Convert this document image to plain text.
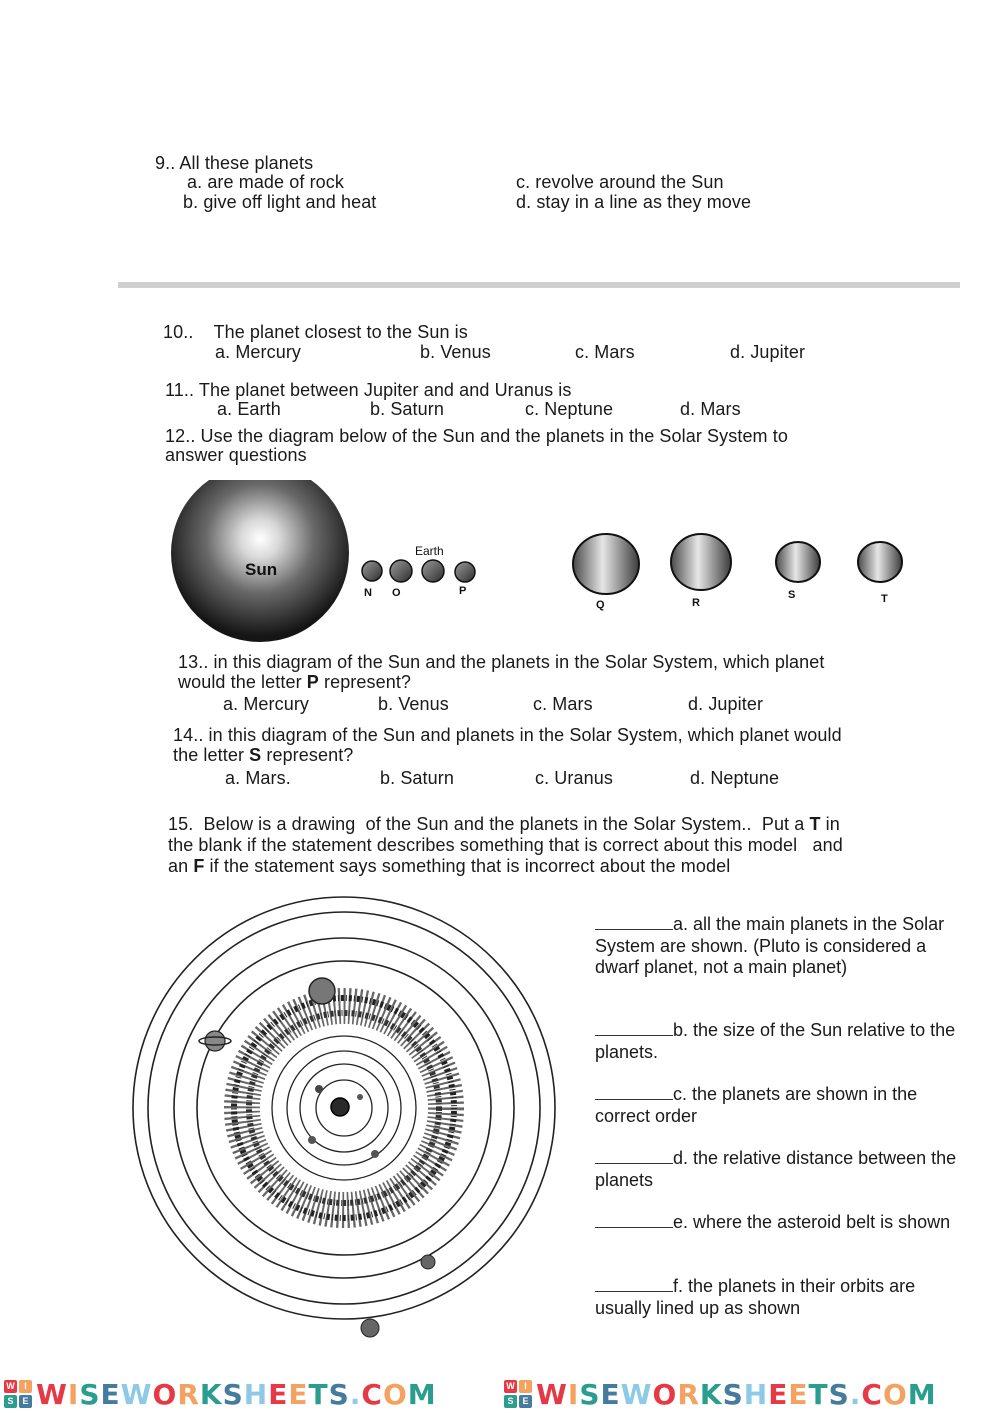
9.. All these planets
a. are made of rock
b. give off light and heat
c. revolve around the Sun
d. stay in a line as they move
10..    The planet closest to the Sun is
a. Mercury	b. Venus	c. Mars	d. Jupiter
11.. The planet between Jupiter and and Uranus is
a. Earth	b. Saturn	c. Neptune	d. Mars
12.. Use the diagram below of the Sun and the planets in the Solar System to
answer questions
Sun
Earth
N O	P
Q	R
S	T
13.. in this diagram of the Sun and the planets in the Solar System, which planet
would the letter P represent?
a. Mercury	b. Venus	c. Mars	d. Jupiter
14.. in this diagram of the Sun and planets in the Solar System, which planet would
the letter S represent?
a. Mars.	b. Saturn	c. Uranus	d. Neptune
15.  Below is a drawing  of the Sun and the planets in the Solar System..  Put a T in
the blank if the statement describes something that is correct about this model   and
an F if the statement says something that is incorrect about the model
a. all the main planets in the Solar System are shown. (Pluto is considered a dwarf planet, not a main planet)
b. the size of the Sun relative to the planets.
c. the planets are shown in the correct order
d. the relative distance between the planets
e. where the asteroid belt is shown
f. the planets in their orbits are usually lined up as shown
W	I
S E WISEWORKSHEETS.COM	W	I
S E WISEWORKSHEETS.COM
